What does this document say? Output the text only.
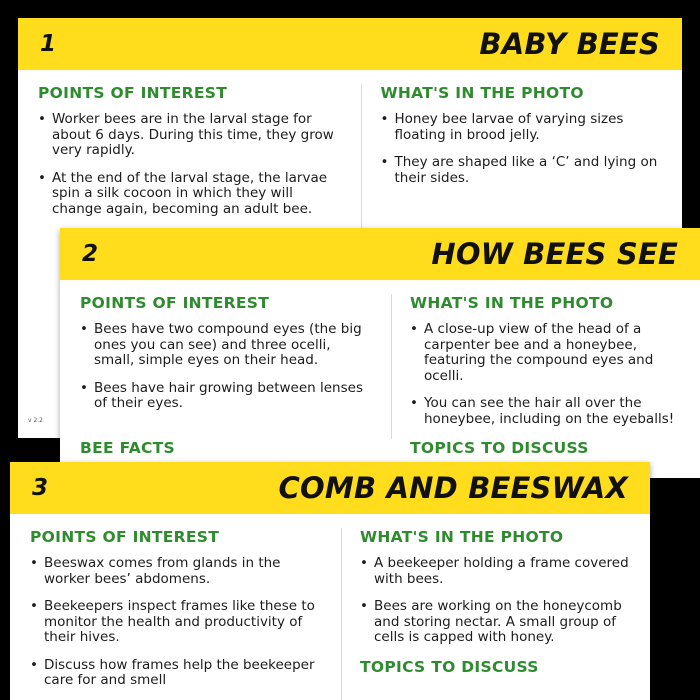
1	BABY BEES
POINTS OF INTEREST
• Worker bees are in the larval stage for about 6 days. During this time, they grow very rapidly.
• At the end of the larval stage, the larvae spin a silk cocoon in which they will change again, becoming an adult bee.
WHAT'S IN THE PHOTO
• Honey bee larvae of varying sizes floating in brood jelly.
• They are shaped like a ‘C’ and lying on their sides.
v 2.2
2	HOW BEES SEE
POINTS OF INTEREST
• Bees have two compound eyes (the big ones you can see) and three ocelli, small, simple eyes on their head.
• Bees have hair growing between lenses of their eyes.
WHAT'S IN THE PHOTO
• A close-up view of the head of a carpenter bee and a honeybee, featuring the compound eyes and ocelli.
• You can see the hair all over the honeybee, including on the eyeballs!
BEE FACTS	TOPICS TO DISCUSS
3	COMB AND BEESWAX
POINTS OF INTEREST
• Beeswax comes from glands in the worker bees’ abdomens.
• Beekeepers inspect frames like these to monitor the health and productivity of their hives.
• Discuss how frames help the beekeeper care for and smell
WHAT'S IN THE PHOTO
• A beekeeper holding a frame covered with bees.
• Bees are working on the honeycomb and storing nectar. A small group of cells is capped with honey.
TOPICS TO DISCUSS
